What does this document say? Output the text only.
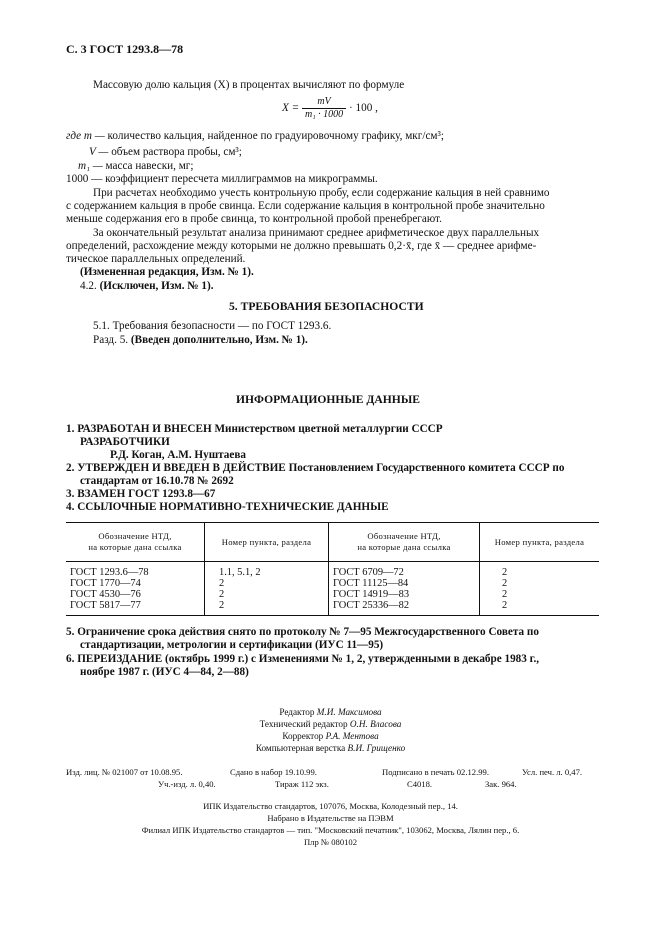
С. 3 ГОСТ 1293.8—78
Массовую долю кальция (X) в процентах вычисляют по формуле
$X = \frac{mV}{\text{m₁ · 1000}} \cdot 100$ ,
где m — количество кальция, найденное по градуировочному графику, мкг/см³;
V — объем раствора пробы, см³;
m₁ — масса навески, мг;
1000 — коэффициент пересчета миллиграммов на микрограммы.
При расчетах необходимо учесть контрольную пробу, если содержание кальция в ней сравнимо
с содержанием кальция в пробе свинца. Если содержание кальция в контрольной пробе значительно
меньше содержания его в пробе свинца, то контрольной пробой пренебрегают.
За окончательный результат анализа принимают среднее арифметическое двух параллельных
определений, расхождение между которыми не должно превышать 0,2·x̄, где x̄ — среднее арифме-
тическое параллельных определений.
(Измененная редакция, Изм. № 1).
4.2. (Исключен, Изм. № 1).
5. ТРЕБОВАНИЯ БЕЗОПАСНОСТИ
5.1. Требования безопасности — по ГОСТ 1293.6.
Разд. 5. (Введен дополнительно, Изм. № 1).
ИНФОРМАЦИОННЫЕ ДАННЫЕ
1. РАЗРАБОТАН И ВНЕСЕН Министерством цветной металлургии СССР
РАЗРАБОТЧИКИ
Р.Д. Коган, А.М. Нуштаева
2. УТВЕРЖДЕН И ВВЕДЕН В ДЕЙСТВИЕ Постановлением Государственного комитета СССР по
стандартам от 16.10.78 № 2692
3. ВЗАМЕН ГОСТ 1293.8—67
4. ССЫЛОЧНЫЕ НОРМАТИВНО-ТЕХНИЧЕСКИЕ ДАННЫЕ
Обозначение НТД,
на которые дана ссылка	Номер пункта, раздела	Обозначение НТД,
на которые дана ссылка	Номер пункта, раздела
ГОСТ 1293.6—78	1.1, 5.1, 2	ГОСТ 6709—72	2
ГОСТ 1770—74	2	ГОСТ 11125—84	2
ГОСТ 4530—76	2	ГОСТ 14919—83	2
ГОСТ 5817—77	2	ГОСТ 25336—82	2
5. Ограничение срока действия снято по протоколу № 7—95 Межгосударственного Совета по
стандартизации, метрологии и сертификации (ИУС 11—95)
6. ПЕРЕИЗДАНИЕ (октябрь 1999 г.) с Изменениями № 1, 2, утвержденными в декабре 1983 г.,
ноябре 1987 г. (ИУС 4—84, 2—88)
Редактор М.И. Максимова
Технический редактор О.Н. Власова
Корректор Р.А. Ментова
Компьютерная верстка В.И. Грищенко
Изд. лиц. № 021007 от 10.08.95.	Сдано в набор 19.10.99.	Подписано в печать 02.12.99.	Усл. печ. л. 0,47.
Уч.-изд. л. 0,40.	Тираж 112 экз.	С4018.	Зак. 964.
ИПК Издательство стандартов, 107076, Москва, Колодезный пер., 14.
Набрано в Издательстве на ПЭВМ
Филиал ИПК Издательство стандартов — тип. "Московский печатник", 103062, Москва, Лялин пер., 6.
Плр № 080102
